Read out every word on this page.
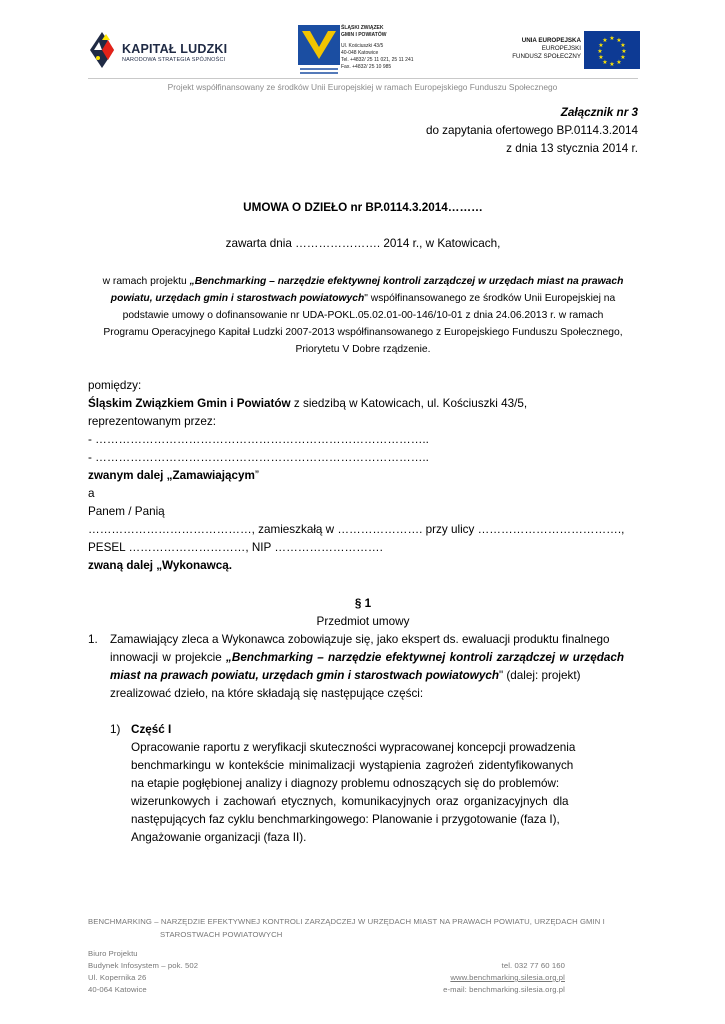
KAPITAŁ LUDZKI
NARODOWA STRATEGIA SPÓJNOŚCI
ŚLĄSKI ZWIĄZEK
GMIN I POWIATÓW
Ul. Kościuszki 43/5
40-048 Katowice
Tel. +4832/ 25 11 021, 25 11 241
Fax. +4832/ 25 10 985
UNIA EUROPEJSKA
EUROPEJSKI
FUNDUSZ SPOŁECZNY
★ ★
★
★
★
★
★
★
★
★
★
★
Projekt współfinansowany ze środków Unii Europejskiej w ramach Europejskiego Funduszu Społecznego
Załącznik nr 3
do zapytania ofertowego BP.0114.3.2014
z dnia 13 stycznia 2014 r.
UMOWA O DZIEŁO nr BP.0114.3.2014………
zawarta dnia …………………. 2014 r., w Katowicach,
w ramach projektu „Benchmarking – narzędzie efektywnej kontroli zarządczej w urzędach miast na prawach
powiatu, urzędach gmin i starostwach powiatowych" współfinansowanego ze środków Unii Europejskiej na
podstawie umowy o dofinansowanie nr UDA-POKL.05.02.01-00-146/10-01 z dnia 24.06.2013 r. w ramach
Programu Operacyjnego Kapitał Ludzki 2007-2013 współfinansowanego z Europejskiego Funduszu Społecznego,
Priorytetu V Dobre rządzenie.
pomiędzy:
Śląskim Związkiem Gmin i Powiatów z siedzibą w Katowicach, ul. Kościuszki 43/5,
reprezentowanym przez:
- …………………………………………………………………………..
- …………………………………………………………………………..
zwanym dalej „Zamawiającym”
a
Panem / Panią
……………………………………, zamieszkałą w …………………. przy ulicy ……………………………….,
PESEL …………………………, NIP ……………………….
zwaną dalej „Wykonawcą.
§ 1
Przedmiot umowy
1. Zamawiający zleca a Wykonawca zobowiązuje się, jako ekspert ds. ewaluacji produktu finalnego
innowacji w projekcie „Benchmarking – narzędzie efektywnej kontroli zarządczej w urzędach
miast na prawach powiatu, urzędach gmin i starostwach powiatowych" (dalej: projekt)
zrealizować dzieło, na które składają się następujące części:
1) Część I
Opracowanie raportu z weryfikacji skuteczności wypracowanej koncepcji prowadzenia
benchmarkingu w kontekście minimalizacji wystąpienia zagrożeń zidentyfikowanych
na etapie pogłębionej analizy i diagnozy problemu odnoszących się do problemów:
wizerunkowych i zachowań etycznych, komunikacyjnych oraz organizacyjnych dla
następujących faz cyklu benchmarkingowego: Planowanie i przygotowanie (faza I),
Angażowanie organizacji (faza II).
BENCHMARKING – NARZĘDZIE EFEKTYWNEJ KONTROLI ZARZĄDCZEJ W URZĘDACH MIAST NA PRAWACH POWIATU, URZĘDACH GMIN I
STAROSTWACH POWIATOWYCH
Biuro Projektu
Budynek Infosystem – pok. 502
Ul. Kopernika 26
40-064 Katowice
tel. 032 77 60 160
www.benchmarking.silesia.org.pl
e-mail: benchmarking.silesia.org.pl
